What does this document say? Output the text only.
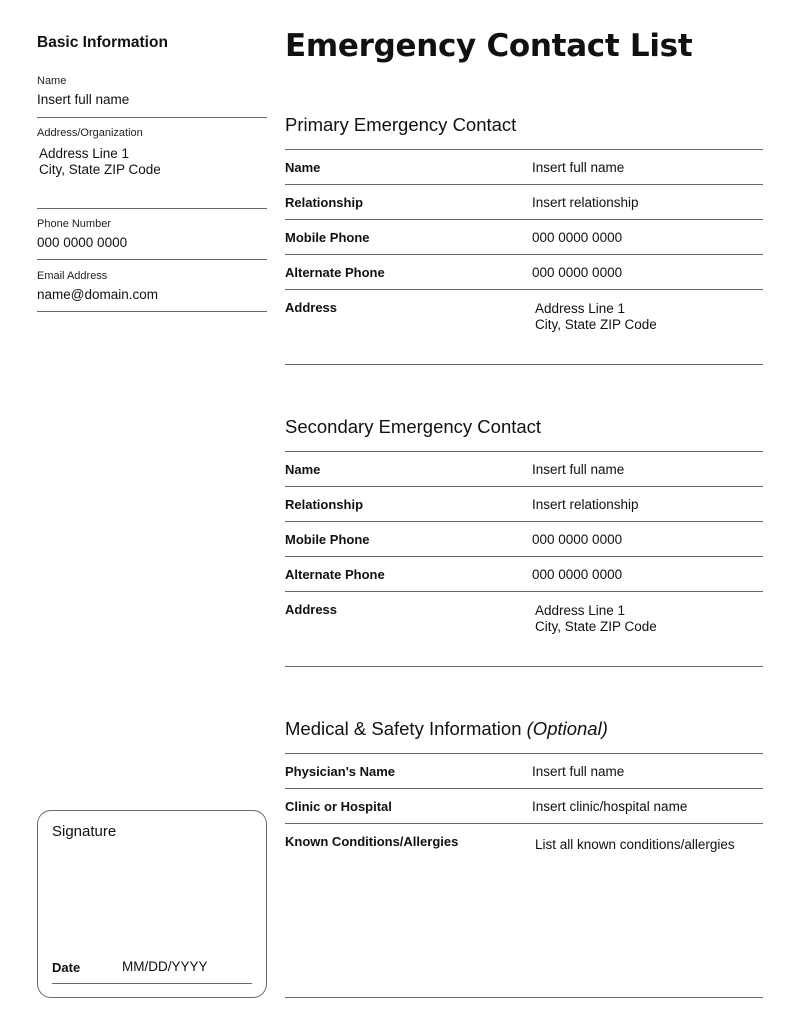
Basic Information
Name
Insert full name
Address/Organization
Address Line 1
City, State ZIP Code
Phone Number
000 0000 0000
Email Address
name@domain.com
Signature
Date	MM/DD/YYYY
Emergency Contact List
Primary Emergency Contact
Name	Insert full name
Relationship	Insert relationship
Mobile Phone	000 0000 0000
Alternate Phone	000 0000 0000
Address	Address Line 1
City, State ZIP Code
Secondary Emergency Contact
Name	Insert full name
Relationship	Insert relationship
Mobile Phone	000 0000 0000
Alternate Phone	000 0000 0000
Address	Address Line 1
City, State ZIP Code
Medical & Safety Information (Optional)
Physician's Name	Insert full name
Clinic or Hospital	Insert clinic/hospital name
Known Conditions/Allergies	List all known conditions/allergies
